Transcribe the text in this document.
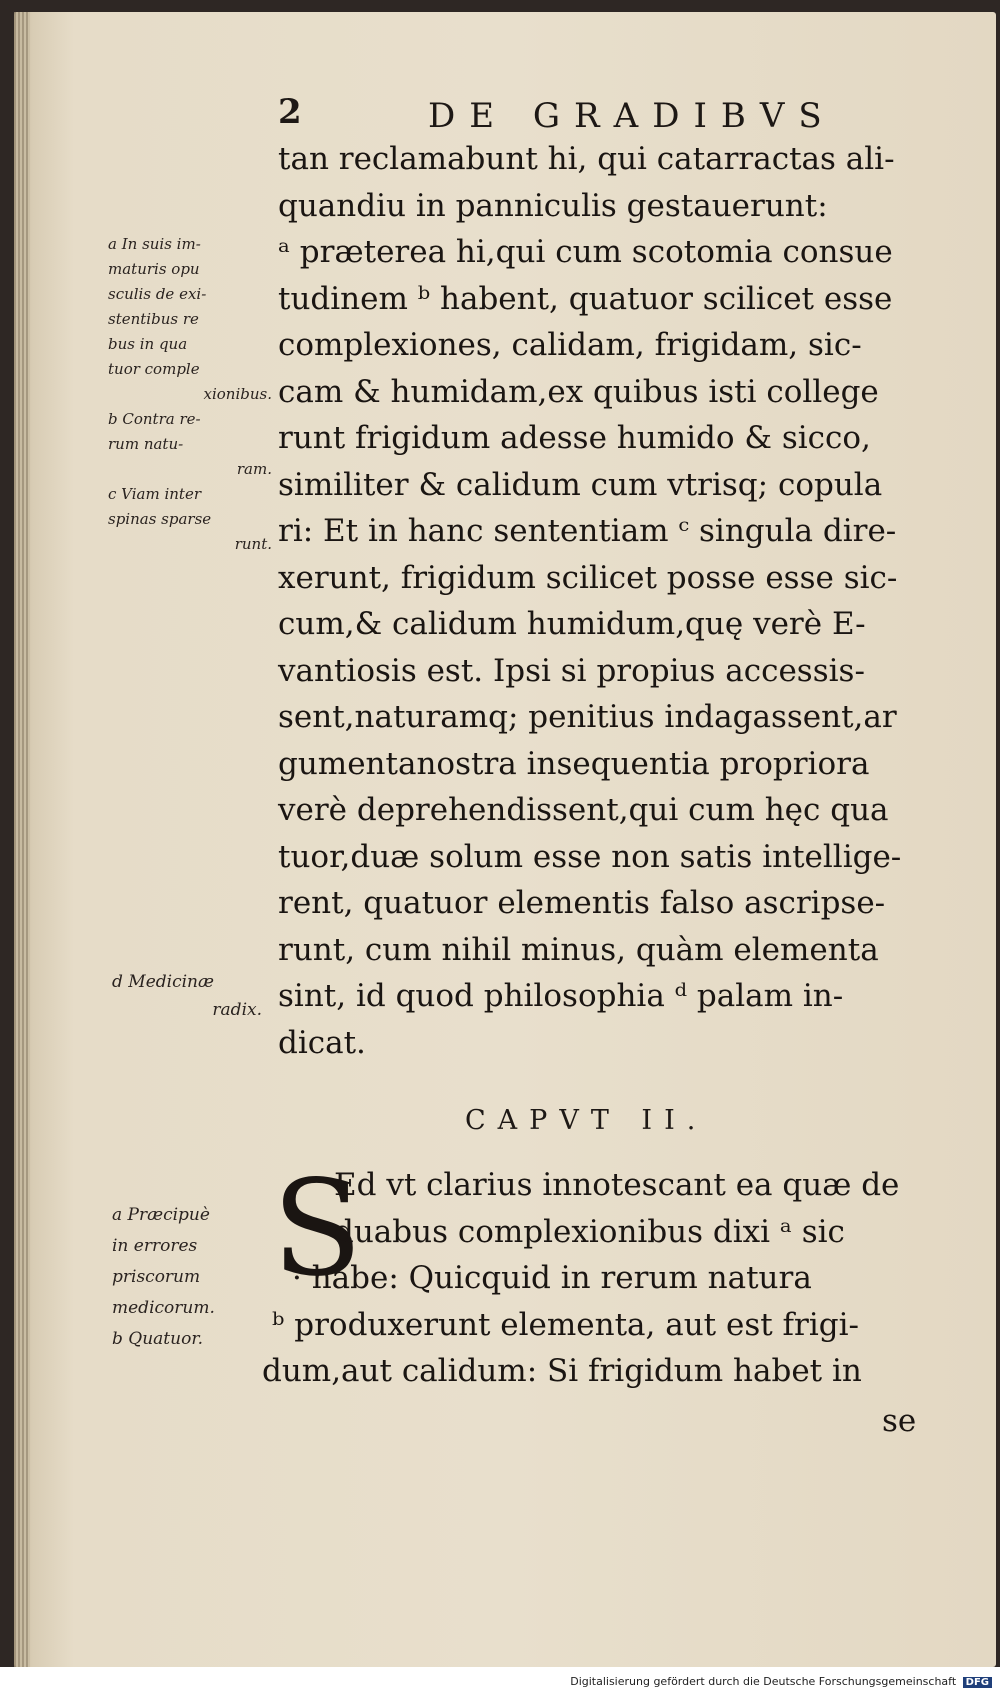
2	DE GRADIBVS
tan reclamabunt hi, qui catarractas ali-
quandiu in panniculis gestauerunt:
ᵃ præterea hi,qui cum scotomia consue
tudinem ᵇ habent, quatuor scilicet esse
complexiones, calidam, frigidam, sic-
cam & humidam,ex quibus isti college
runt frigidum adesse humido & sicco,
similiter & calidum cum vtrisq; copula
ri: Et in hanc sententiam ᶜ singula dire-
xerunt, frigidum scilicet posse esse sic-
cum,& calidum humidum,quę verè E-
vantiosis est. Ipsi si propius accessis-
sent,naturamq; penitius indagassent,ar
gumentanostra insequentia propriora
verè deprehendissent,qui cum hęc qua
tuor,duæ solum esse non satis intellige-
rent, quatuor elementis falso ascripse-
runt, cum nihil minus, quàm elementa
sint, id quod philosophia ᵈ palam in-
dicat.
a In suis im-
maturis opu
sculis de exi-
stentibus re
bus in qua
tuor comple
xionibus.
b Contra re-
rum natu-
ram.
c Viam inter
spinas sparse
runt.
d Medicinæ
radix.
CAPVT II.
S
Ed vt clarius innotescant ea quæ de
duabus complexionibus dixi ᵃ sic
· habe: Quicquid in rerum natura
ᵇ produxerunt elementa, aut est frigi-
dum,aut calidum: Si frigidum habet in
se
a Præcipuè
in errores
priscorum
medicorum.
b Quatuor.
Digitalisierung gefördert durch die Deutsche Forschungsgemeinschaft DFG
